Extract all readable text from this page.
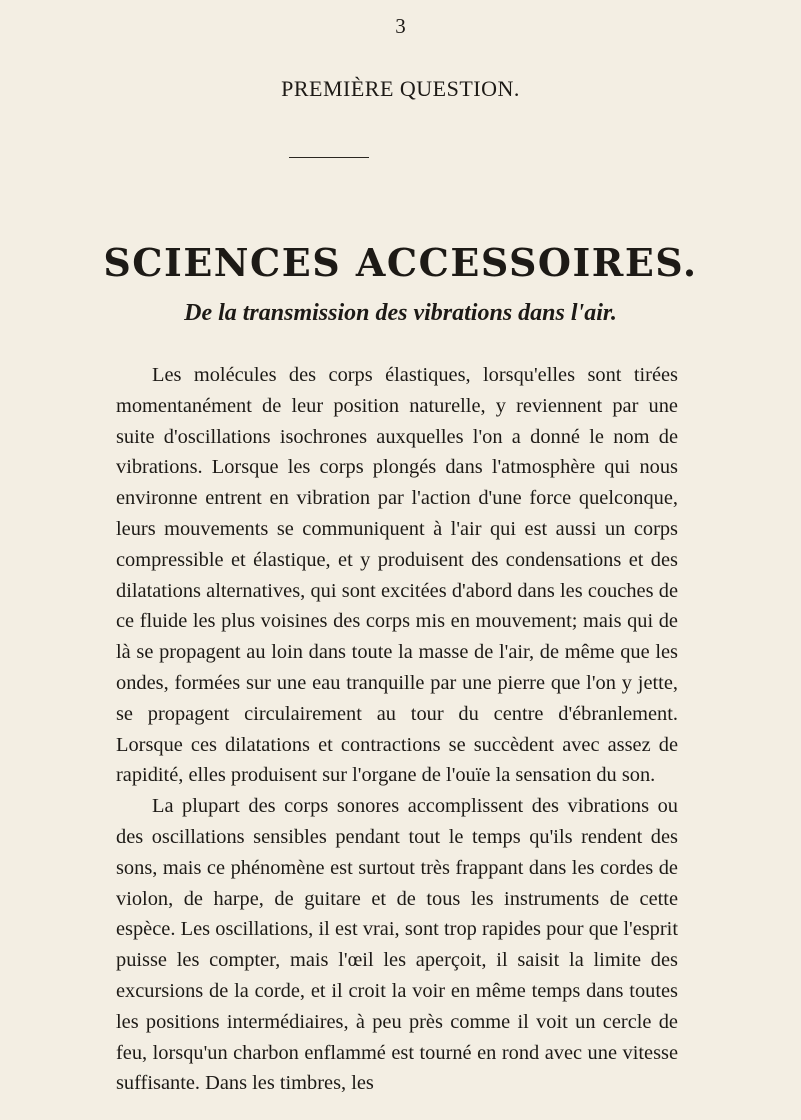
3
PREMIÈRE QUESTION.
SCIENCES ACCESSOIRES.
De la transmission des vibrations dans l'air.

Les molécules des corps élastiques, lorsqu'elles sont tirées momentanément de leur position naturelle, y reviennent par une suite d'oscillations isochrones auxquelles l'on a donné le nom de vibrations. Lorsque les corps plongés dans l'atmosphère qui nous environne entrent en vibration par l'action d'une force quelconque, leurs mouvements se communiquent à l'air qui est aussi un corps compressible et élastique, et y produisent des condensations et des dilatations alternatives, qui sont excitées d'abord dans les couches de ce fluide les plus voisines des corps mis en mouvement; mais qui de là se propagent au loin dans toute la masse de l'air, de même que les ondes, formées sur une eau tranquille par une pierre que l'on y jette, se propagent circulairement au tour du centre d'ébranlement. Lorsque ces dilatations et contractions se succèdent avec assez de rapidité, elles produisent sur l'organe de l'ouïe la sensation du son.

La plupart des corps sonores accomplissent des vibrations ou des oscillations sensibles pendant tout le temps qu'ils rendent des sons, mais ce phénomène est surtout très frappant dans les cordes de violon, de harpe, de guitare et de tous les instruments de cette espèce. Les oscillations, il est vrai, sont trop rapides pour que l'esprit puisse les compter, mais l'œil les aperçoit, il saisit la limite des excursions de la corde, et il croit la voir en même temps dans toutes les positions intermédiaires, à peu près comme il voit un cercle de feu, lorsqu'un charbon enflammé est tourné en rond avec une vitesse suffisante. Dans les timbres, les
